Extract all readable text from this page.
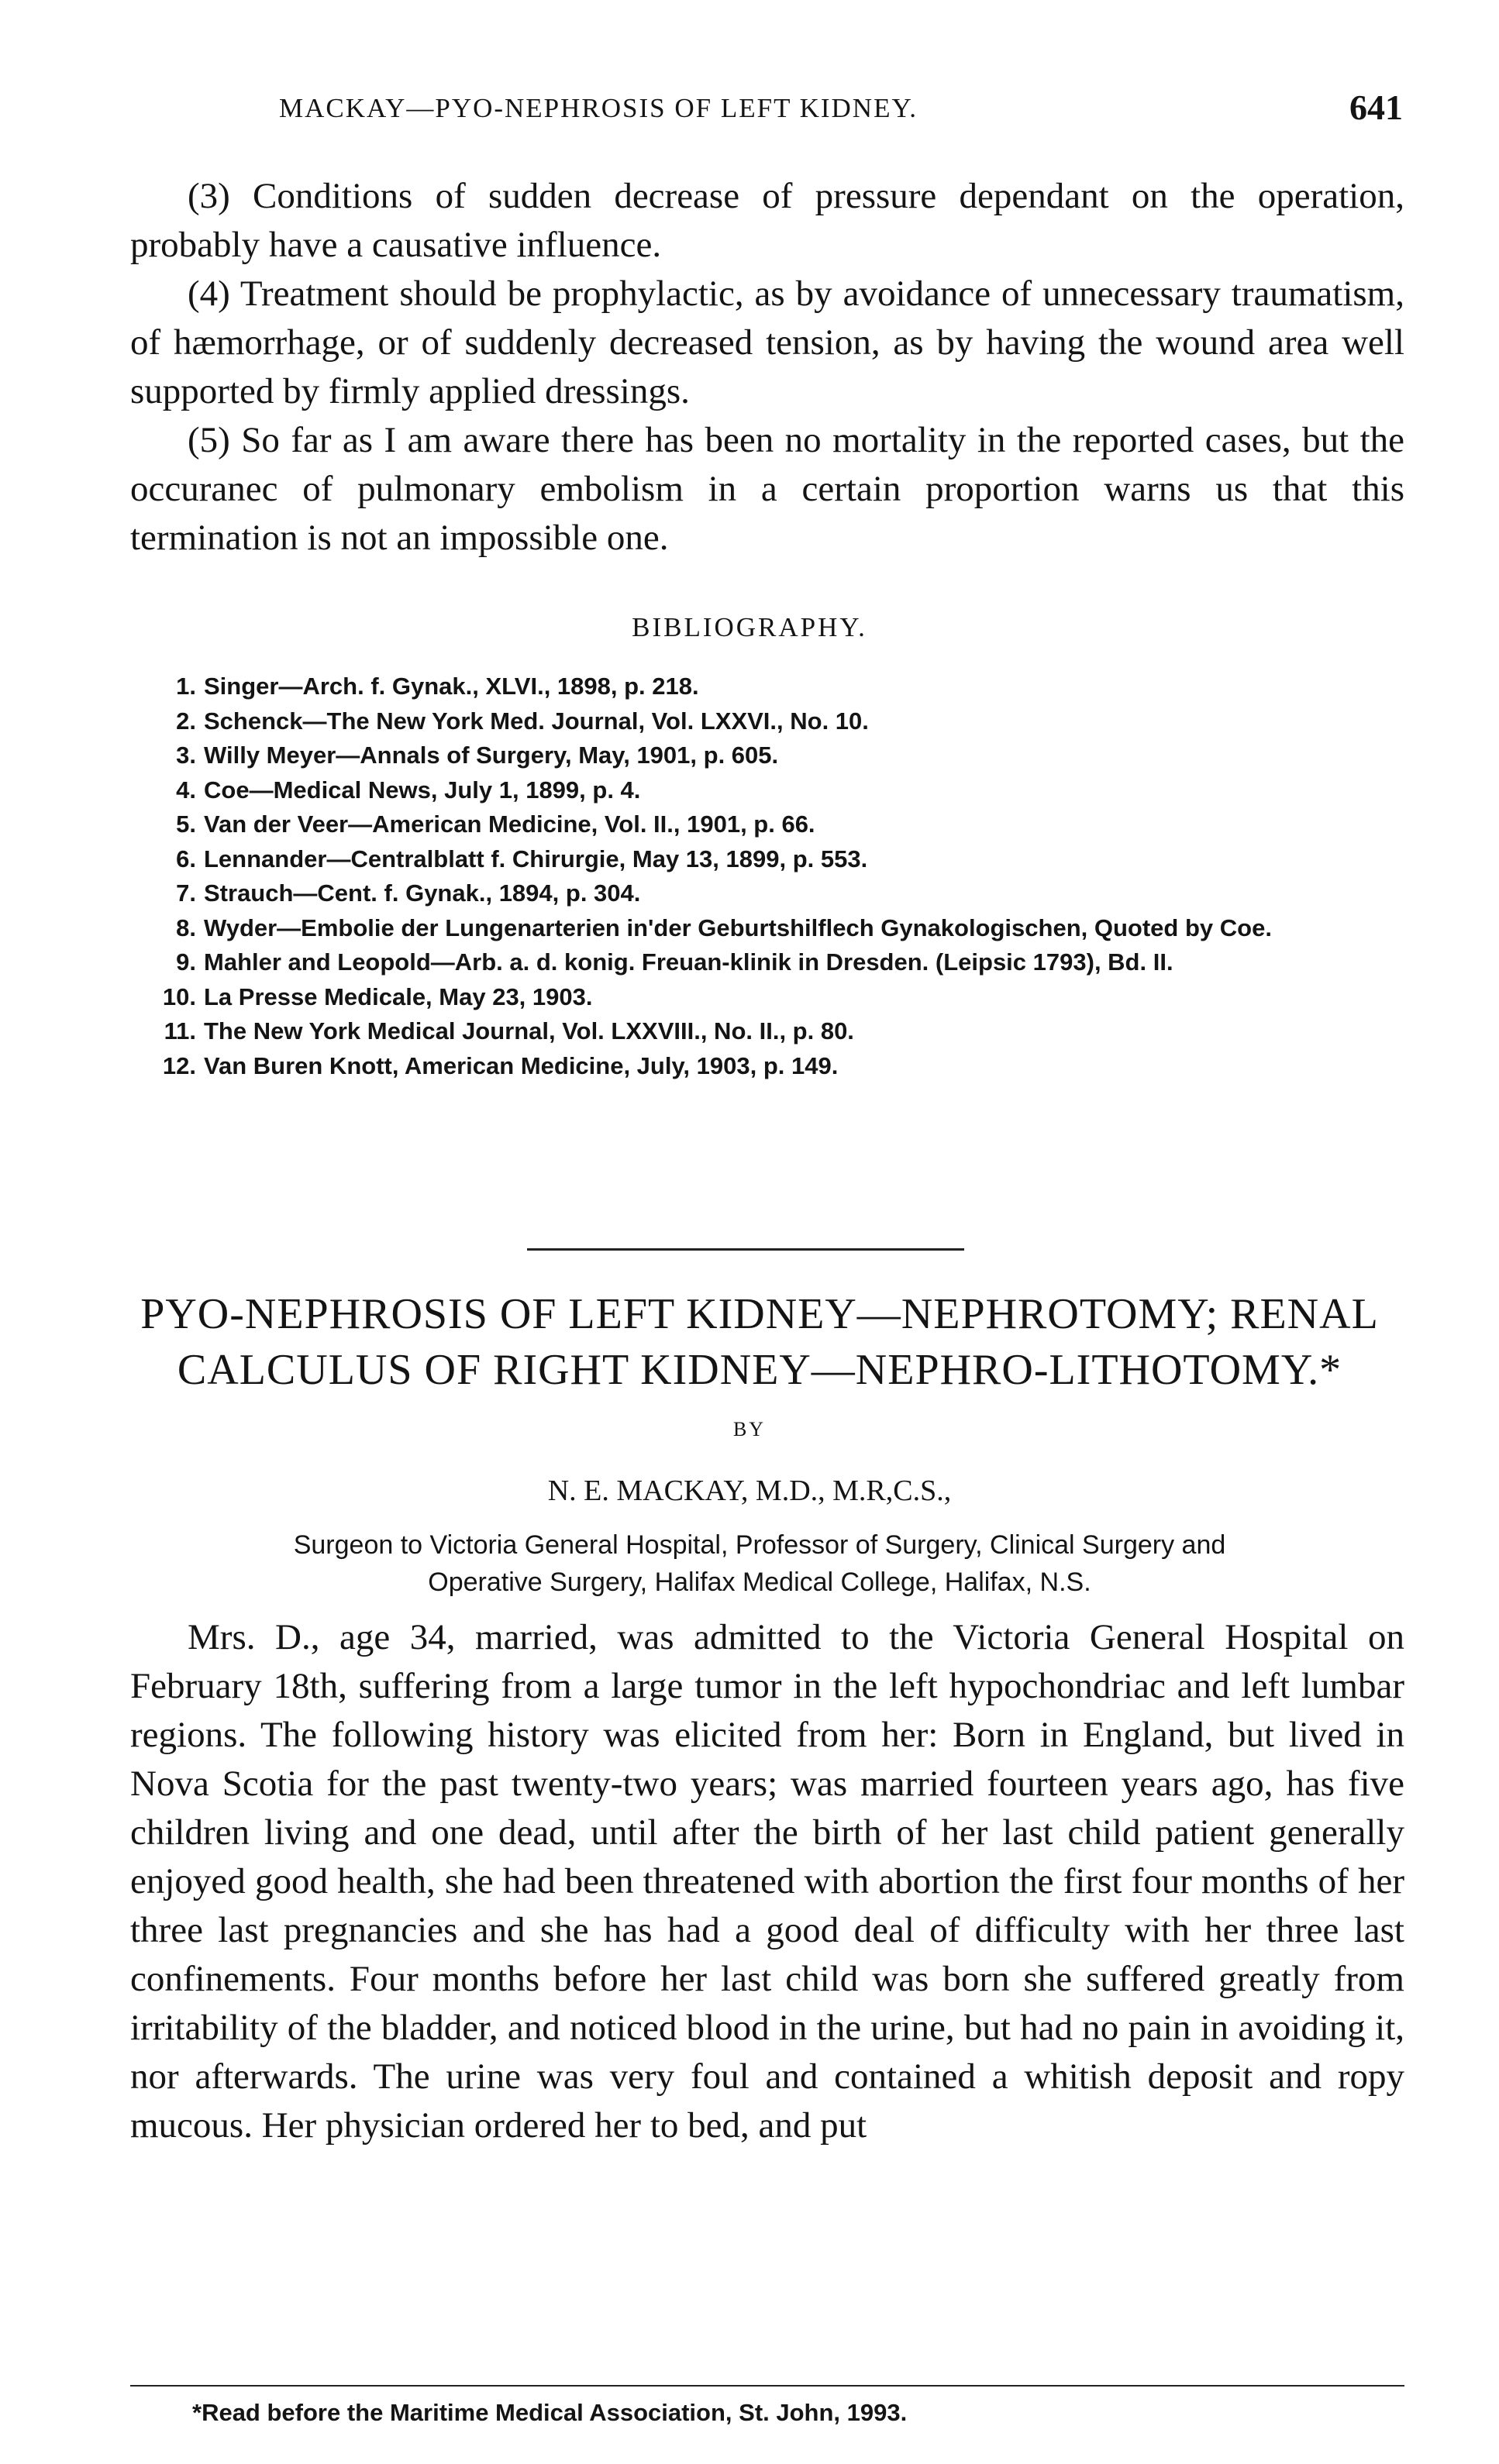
MACKAY—PYO-NEPHROSIS OF LEFT KIDNEY.	641

(3) Conditions of sudden decrease of pressure dependant on the operation, probably have a causative influence.

(4) Treatment should be prophylactic, as by avoidance of unnecessary traumatism, of hæmorrhage, or of suddenly decreased tension, as by having the wound area well supported by firmly applied dressings.

(5) So far as I am aware there has been no mortality in the reported cases, but the occuranec of pulmonary embolism in a certain proportion warns us that this termination is not an impossible one.

BIBLIOGRAPHY.

1. Singer—Arch. f. Gynak., XLVI., 1898, p. 218.
2. Schenck—The New York Med. Journal, Vol. LXXVI., No. 10.
3. Willy Meyer—Annals of Surgery, May, 1901, p. 605.
4. Coe—Medical News, July 1, 1899, p. 4.
5. Van der Veer—American Medicine, Vol. II., 1901, p. 66.
6. Lennander—Centralblatt f. Chirurgie, May 13, 1899, p. 553.
7. Strauch—Cent. f. Gynak., 1894, p. 304.
8. Wyder—Embolie der Lungenarterien in'der Geburtshilflech Gynakologischen, Quoted by Coe.
9. Mahler and Leopold—Arb. a. d. konig. Freuan-klinik in Dresden. (Leipsic 1793), Bd. II.
10. La Presse Medicale, May 23, 1903.
11. The New York Medical Journal, Vol. LXXVIII., No. II., p. 80.
12. Van Buren Knott, American Medicine, July, 1903, p. 149.
PYO-NEPHROSIS OF LEFT KIDNEY—NEPHROTOMY; RENAL
CALCULUS OF RIGHT KIDNEY—NEPHRO-LITHOTOMY.*

BY

N. E. MACKAY, M.D., M.R,C.S.,

Surgeon to Victoria General Hospital, Professor of Surgery, Clinical Surgery and
Operative Surgery, Halifax Medical College, Halifax, N.S.

Mrs. D., age 34, married, was admitted to the Victoria General Hospital on February 18th, suffering from a large tumor in the left hypochondriac and left lumbar regions. The following history was elicited from her: Born in England, but lived in Nova Scotia for the past twenty-two years; was married fourteen years ago, has five children living and one dead, until after the birth of her last child patient generally enjoyed good health, she had been threatened with abortion the first four months of her three last pregnancies and she has had a good deal of difficulty with her three last confinements. Four months before her last child was born she suffered greatly from irritability of the bladder, and noticed blood in the urine, but had no pain in avoiding it, nor afterwards. The urine was very foul and contained a whitish deposit and ropy mucous. Her physician ordered her to bed, and put

*Read before the Maritime Medical Association, St. John, 1993.
